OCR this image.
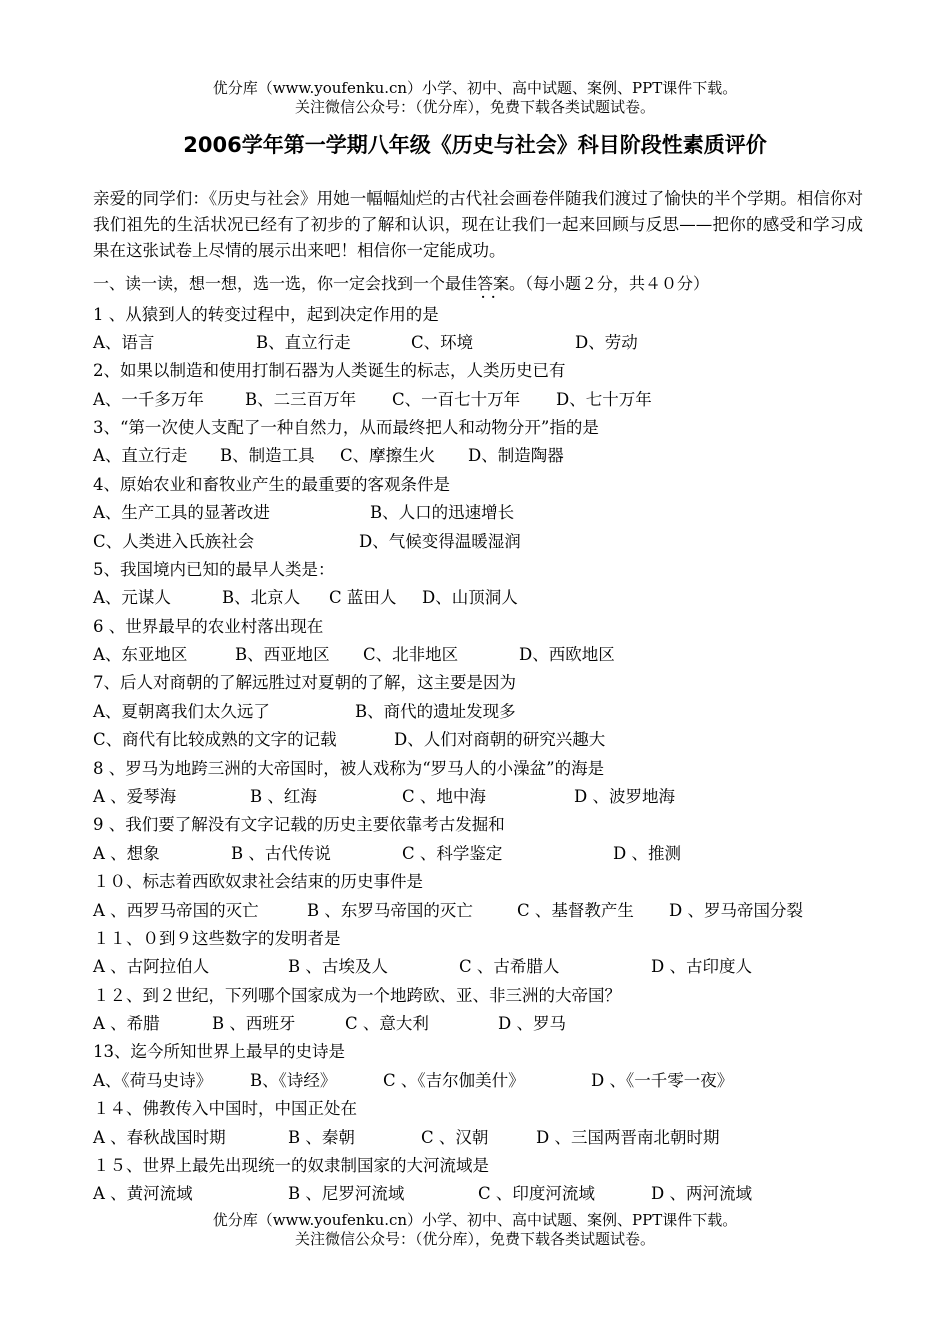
优分库（www.youfenku.cn）小学、初中、高中试题、案例、PPT课件下载。
关注微信公众号：（优分库），免费下载各类试题试卷。
2006学年第一学期八年级《历史与社会》科目阶段性素质评价
亲爱的同学们：《历史与社会》用她一幅幅灿烂的古代社会画卷伴随我们渡过了愉快的半个学期。相信你对我们祖先的生活状况已经有了初步的了解和认识，现在让我们一起来回顾与反思——把你的感受和学习成果在这张试卷上尽情的展示出来吧！相信你一定能成功。
一、读一读，想一想，选一选，你一定会找到一个最佳答案。（每小题２分，共４０分）
··
1 、从猿到人的转变过程中，起到决定作用的是
A、语言	B、直立行走	C、环境	D、劳动
2、如果以制造和使用打制石器为人类诞生的标志，人类历史已有
A、一千多万年 B、二三百万年 C、一百七十万年 D、七十万年
3、“第一次使人支配了一种自然力，从而最终把人和动物分开”指的是
A、直立行走 B、制造工具 C、摩擦生火 D、制造陶器
4、原始农业和畜牧业产生的最重要的客观条件是
A、生产工具的显著改进	B、人口的迅速增长
C、人类进入氏族社会	D、气候变得温暖湿润
5、我国境内已知的最早人类是：
A、元谋人	B、北京人 C 蓝田人 D、山顶洞人
6 、世界最早的农业村落出现在
A、东亚地区	B、西亚地区 C、北非地区	D、西欧地区
7、后人对商朝的了解远胜过对夏朝的了解，这主要是因为
A、夏朝离我们太久远了	B、商代的遗址发现多
C、商代有比较成熟的文字的记载	D、人们对商朝的研究兴趣大
8 、罗马为地跨三洲的大帝国时，被人戏称为“罗马人的小澡盆”的海是
A 、爱琴海	B 、红海	C 、地中海	D 、波罗地海
9 、我们要了解没有文字记载的历史主要依靠考古发掘和
A 、想象	B 、古代传说	C 、科学鉴定	D 、推测
１０、标志着西欧奴隶社会结束的历史事件是
A 、西罗马帝国的灭亡	B 、东罗马帝国的灭亡	C 、基督教产生 D 、罗马帝国分裂
１１、０到９这些数字的发明者是
A 、古阿拉伯人	B 、古埃及人	C 、古希腊人	D 、古印度人
１２、到２世纪，下列哪个国家成为一个地跨欧、亚、非三洲的大帝国？
A 、希腊	B 、西班牙	C 、意大利	D 、罗马
13、迄今所知世界上最早的史诗是
A、《荷马史诗》 B、《诗经》	C 、《吉尔伽美什》	D 、《一千零一夜》
１４、佛教传入中国时，中国正处在
A 、春秋战国时期	B 、秦朝	C 、汉朝	D 、三国两晋南北朝时期
１５、世界上最先出现统一的奴隶制国家的大河流域是
A 、黄河流域	B 、尼罗河流域	C 、印度河流域	D 、两河流域
优分库（www.youfenku.cn）小学、初中、高中试题、案例、PPT课件下载。
关注微信公众号：（优分库），免费下载各类试题试卷。
